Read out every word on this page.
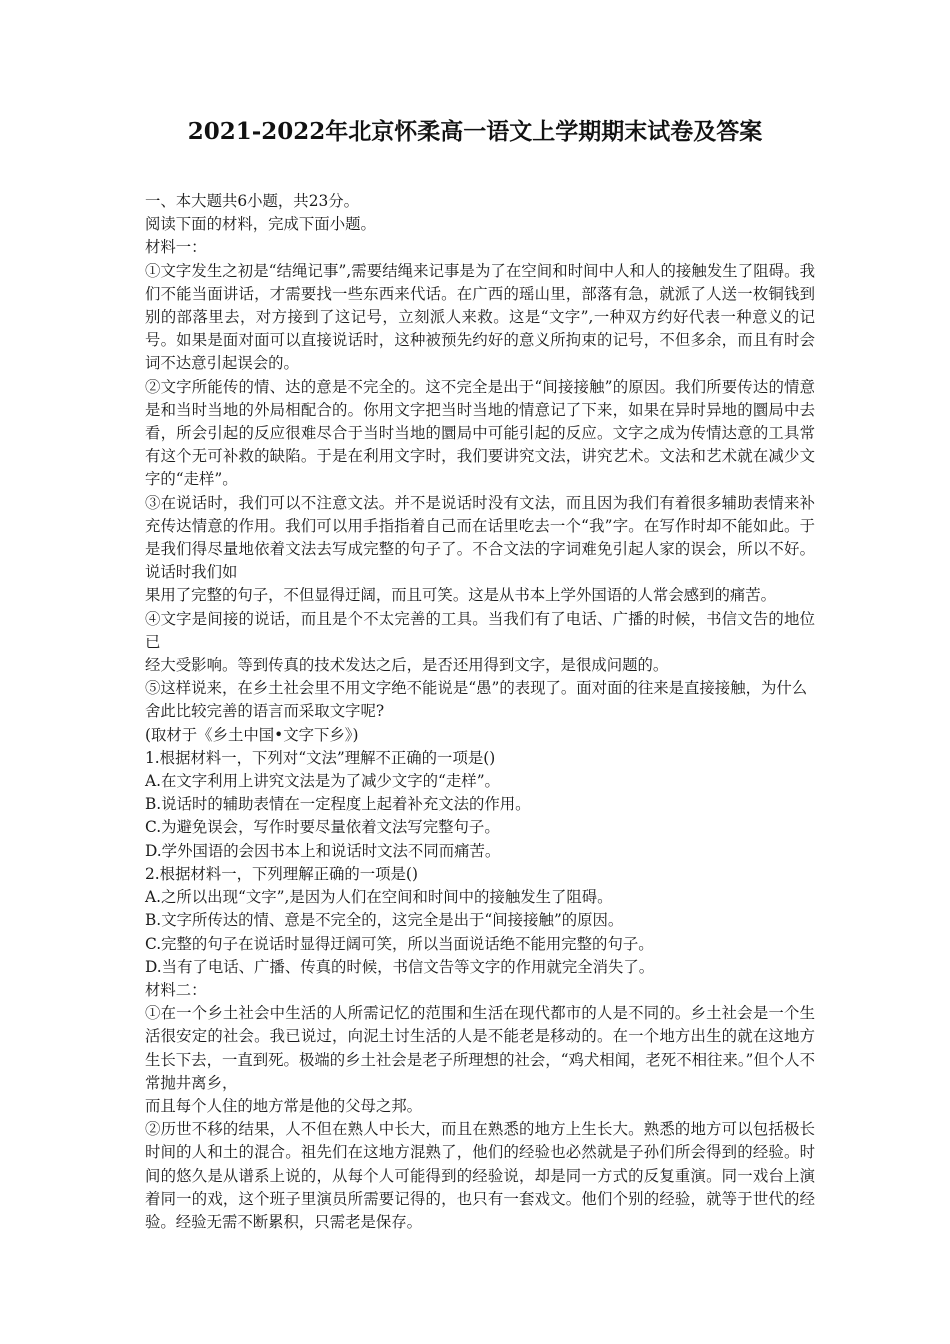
2021-2022年北京怀柔高一语文上学期期末试卷及答案

一、本大题共6小题，共23分。

阅读下面的材料，完成下面小题。

材料一：

①文字发生之初是“结绳记事”,需要结绳来记事是为了在空间和时间中人和人的接触发生了阻碍。我们不能当面讲话，才需要找一些东西来代话。在广西的瑶山里，部落有急，就派了人送一枚铜钱到别的部落里去，对方接到了这记号，立刻派人来救。这是“文字”,一种双方约好代表一种意义的记号。如果是面对面可以直接说话时，这种被预先约好的意义所拘束的记号，不但多余，而且有时会词不达意引起误会的。

②文字所能传的情、达的意是不完全的。这不完全是出于“间接接触”的原因。我们所要传达的情意是和当时当地的外局相配合的。你用文字把当时当地的情意记了下来，如果在异时异地的圜局中去看，所会引起的反应很难尽合于当时当地的圜局中可能引起的反应。文字之成为传情达意的工具常有这个无可补救的缺陷。于是在利用文字时，我们要讲究文法，讲究艺术。文法和艺术就在减少文字的“走样”。

③在说话时，我们可以不注意文法。并不是说话时没有文法，而且因为我们有着很多辅助表情来补充传达情意的作用。我们可以用手指指着自己而在话里吃去一个“我”字。在写作时却不能如此。于是我们得尽量地依着文法去写成完整的句子了。不合文法的字词难免引起人家的误会，所以不好。说话时我们如

果用了完整的句子，不但显得迂阔，而且可笑。这是从书本上学外国语的人常会感到的痛苦。

④文字是间接的说话，而且是个不太完善的工具。当我们有了电话、广播的时候，书信文告的地位已

经大受影响。等到传真的技术发达之后，是否还用得到文字，是很成问题的。

⑤这样说来，在乡土社会里不用文字绝不能说是“愚”的表现了。面对面的往来是直接接触，为什么

舍此比较完善的语言而采取文字呢?

(取材于《乡土中国•文字下乡》)

1.根据材料一，下列对“文法”理解不正确的一项是()

A.在文字利用上讲究文法是为了减少文字的“走样”。

B.说话时的辅助表情在一定程度上起着补充文法的作用。

C.为避免误会，写作时要尽量依着文法写完整句子。

D.学外国语的会因书本上和说话时文法不同而痛苦。

2.根据材料一，下列理解正确的一项是()

A.之所以出现“文字”,是因为人们在空间和时间中的接触发生了阻碍。

B.文字所传达的情、意是不完全的，这完全是出于“间接接触”的原因。

C.完整的句子在说话时显得迂阔可笑，所以当面说话绝不能用完整的句子。

D.当有了电话、广播、传真的时候，书信文告等文字的作用就完全消失了。

材料二：

①在一个乡土社会中生活的人所需记忆的范围和生活在现代都市的人是不同的。乡土社会是一个生活很安定的社会。我已说过，向泥土讨生活的人是不能老是移动的。在一个地方出生的就在这地方生长下去，一直到死。极端的乡土社会是老子所理想的社会，“鸡犬相闻，老死不相往来。”但个人不常抛井离乡，

而且每个人住的地方常是他的父母之邦。

②历世不移的结果，人不但在熟人中长大，而且在熟悉的地方上生长大。熟悉的地方可以包括极长时间的人和土的混合。祖先们在这地方混熟了，他们的经验也必然就是子孙们所会得到的经验。时间的悠久是从谱系上说的，从每个人可能得到的经验说，却是同一方式的反复重演。同一戏台上演着同一的戏，这个班子里演员所需要记得的，也只有一套戏文。他们个别的经验，就等于世代的经验。经验无需不断累积，只需老是保存。
